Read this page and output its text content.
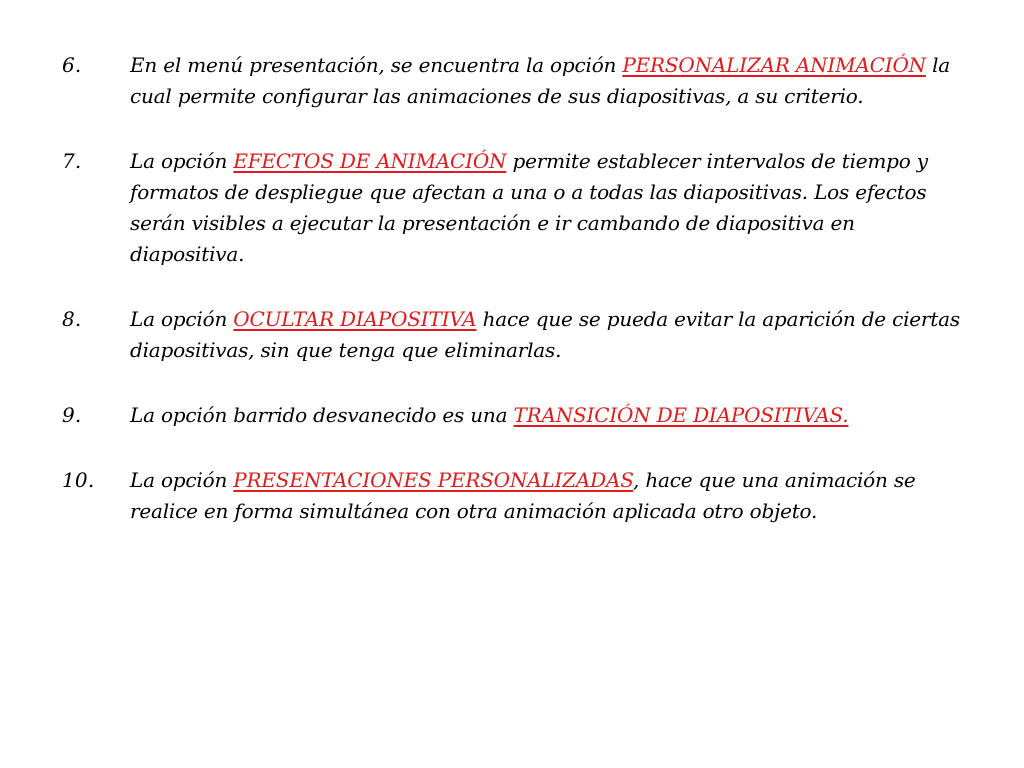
6.	En el menú presentación, se encuentra la opción PERSONALIZAR ANIMACIÓN la cual permite configurar las animaciones de sus diapositivas, a su criterio.
7.	La opción EFECTOS DE ANIMACIÓN permite establecer intervalos de tiempo y formatos de despliegue que afectan a una o a todas las diapositivas. Los efectos serán visibles a ejecutar la presentación e ir cambando de diapositiva en diapositiva.
8.	La opción OCULTAR DIAPOSITIVA hace que se pueda evitar la aparición de ciertas diapositivas, sin que tenga que eliminarlas.
9.	La opción barrido desvanecido es una TRANSICIÓN DE DIAPOSITIVAS.
10.	La opción PRESENTACIONES PERSONALIZADAS, hace que una animación se realice en forma simultánea con otra animación aplicada otro objeto.
